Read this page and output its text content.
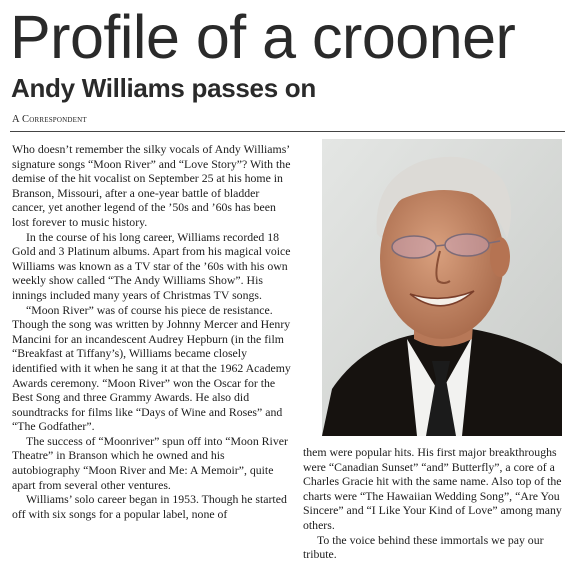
Profile of a crooner
Andy Williams passes on
A Correspondent

Who doesn’t remember the silky vocals of Andy Williams’ signature songs “Moon River” and “Love Story”? With the demise of the hit vocalist on September 25 at his home in Branson, Missouri, after a one-year battle of bladder cancer, yet another legend of the ’50s and ’60s has been lost forever to music history.

In the course of his long career, Williams recorded 18 Gold and 3 Platinum albums. Apart from his magical voice Williams was known as a TV star of the ’60s with his own weekly show called “The Andy Williams Show”. His innings included many years of Christmas TV songs.

“Moon River” was of course his piece de resistance. Though the song was written by Johnny Mercer and Henry Mancini for an incandescent Audrey Hepburn (in the film “Breakfast at Tiffany’s), Williams became closely identified with it when he sang it at that the 1962 Academy Awards ceremony. “Moon River” won the Oscar for the Best Song and three Grammy Awards. He also did soundtracks for films like “Days of Wine and Roses” and “The Godfather”.

The success of “Moonriver” spun off into “Moon River Theatre” in Branson which he owned and his autobiography “Moon River and Me: A Memoir”, quite apart from several other ventures.

Williams’ solo career began in 1953. Though he started off with six songs for a popular label, none of

them were popular hits. His first major breakthroughs were “Canadian Sunset” “and” Butterfly”, a core of a Charles Gracie hit with the same name. Also top of the charts were “The Hawaiian Wedding Song”, “Are You Sincere” and “I Like Your Kind of Love” among many others.

To the voice behind these immortals we pay our tribute.
